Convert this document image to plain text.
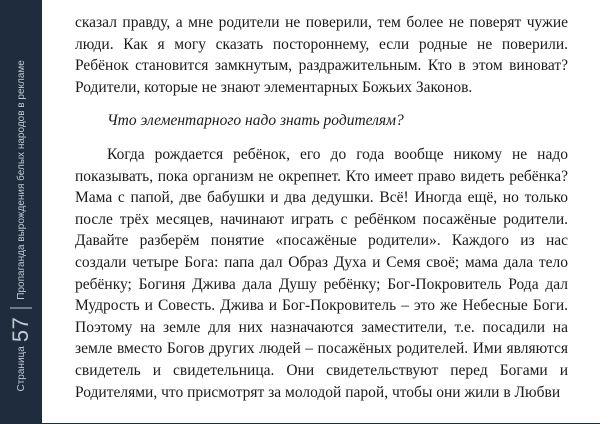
Страница
57
Пропаганда вырождения белых народов в рекламе

сказал правду, а мне родители не поверили, тем более не поверят чужие люди. Как я могу сказать постороннему, если родные не поверили. Ребёнок становится замкнутым, раздражительным. Кто в этом виноват? Родители, которые не знают элементарных Божьих Законов.

Что элементарного надо знать родителям?

Когда рождается ребёнок, его до года вообще никому не надо показывать, пока организм не окрепнет. Кто имеет право видеть ребёнка? Мама с папой, две бабушки и два дедушки. Всё! Иногда ещё, но только после трёх месяцев, начинают играть с ребёнком посажёные родители. Давайте разберём понятие «посажёные родители». Каждого из нас создали четыре Бога: папа дал Образ Духа и Семя своё; мама дала тело ребёнку; Богиня Джива дала Душу ребёнку; Бог-Покровитель Рода дал Мудрость и Совесть. Джива и Бог-Покровитель – это же Небесные Боги. Поэтому на земле для них назначаются заместители, т.е. посадили на земле вместо Богов других людей – посажёных родителей. Ими являются свидетель и свидетельница. Они свидетельствуют перед Богами и Родителями, что присмотрят за молодой парой, чтобы они жили в Любви
